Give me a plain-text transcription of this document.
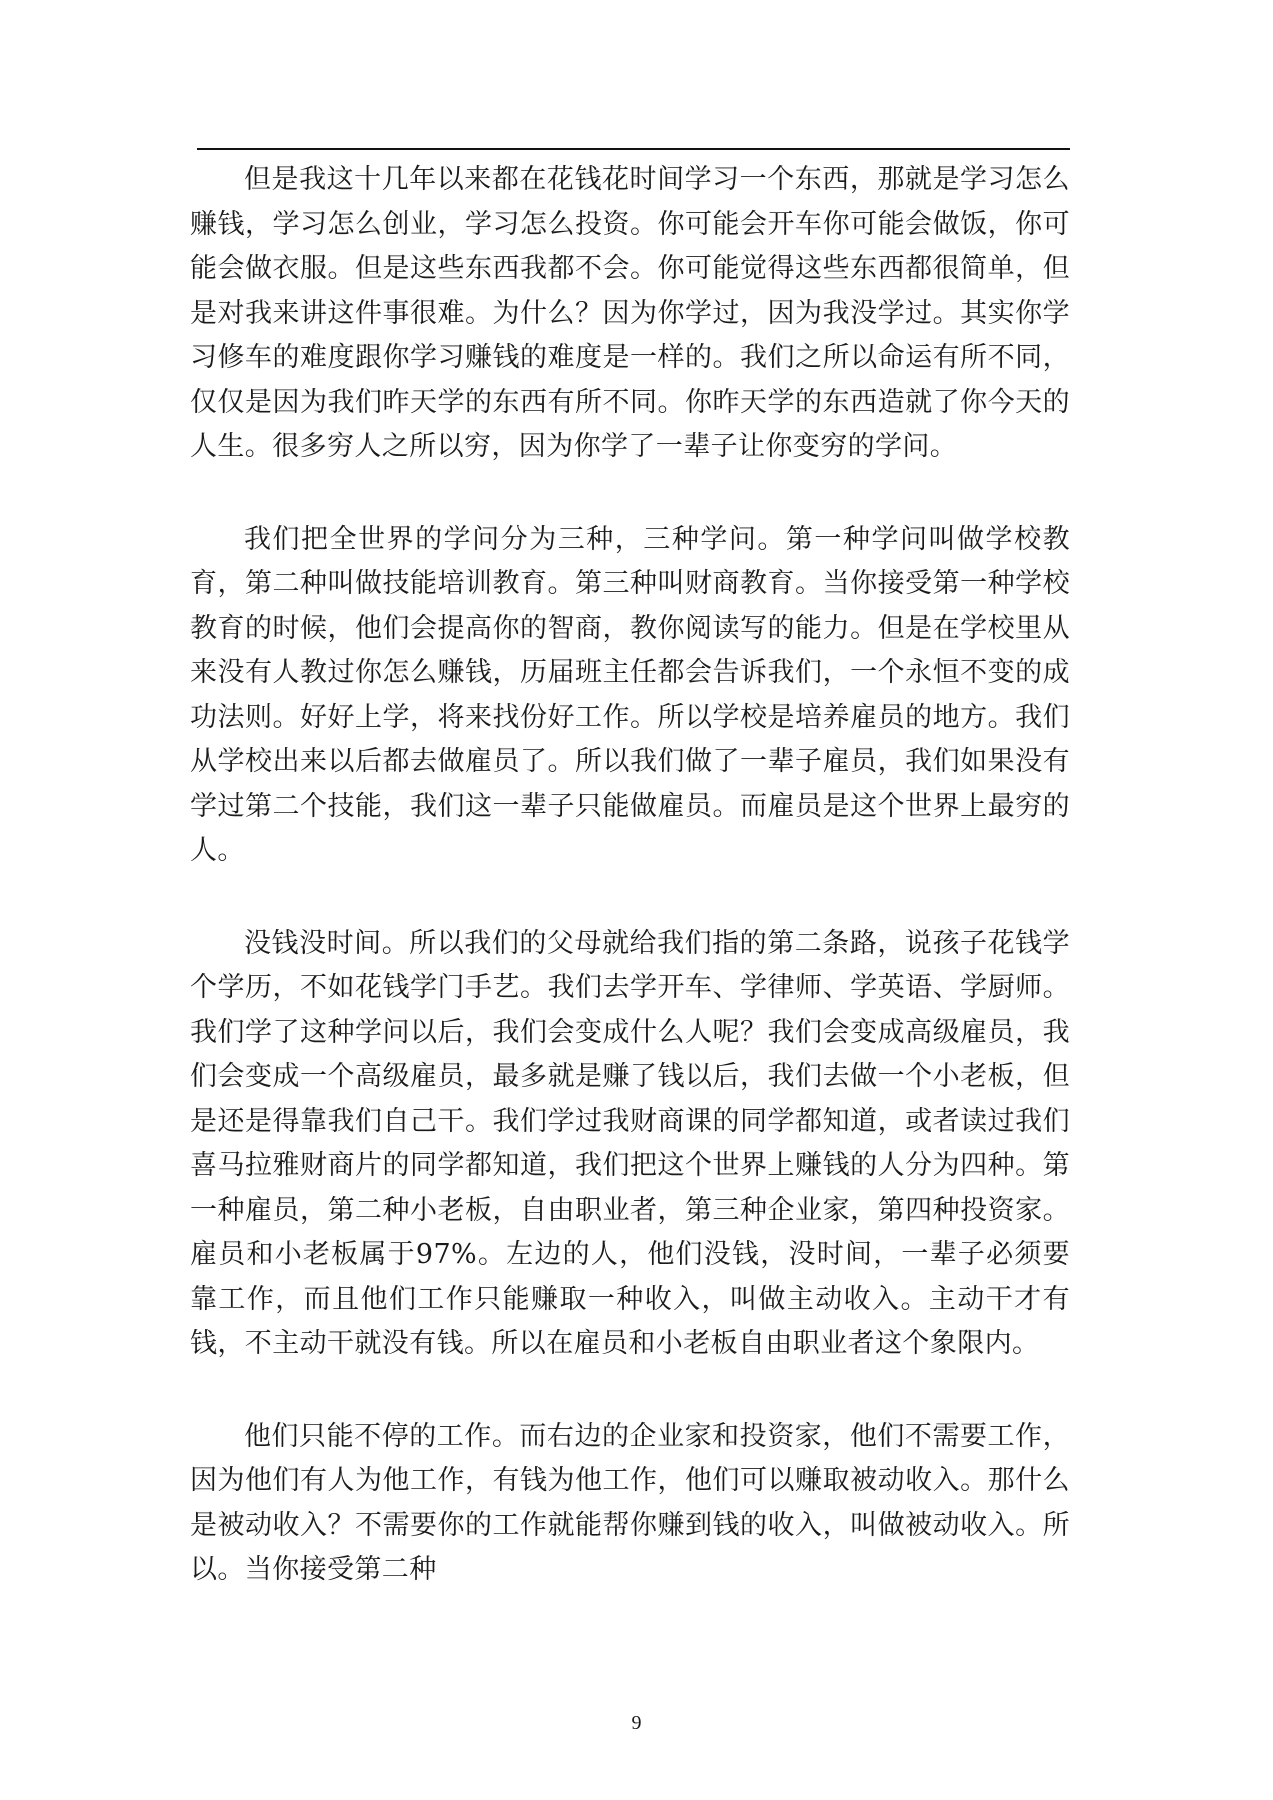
但是我这十几年以来都在花钱花时间学习一个东西，那就是学习怎么赚钱，学习怎么创业，学习怎么投资。你可能会开车你可能会做饭，你可能会做衣服。但是这些东西我都不会。你可能觉得这些东西都很简单，但是对我来讲这件事很难。为什么？因为你学过，因为我没学过。其实你学习修车的难度跟你学习赚钱的难度是一样的。我们之所以命运有所不同，仅仅是因为我们昨天学的东西有所不同。你昨天学的东西造就了你今天的人生。很多穷人之所以穷，因为你学了一辈子让你变穷的学问。

我们把全世界的学问分为三种，三种学问。第一种学问叫做学校教育，第二种叫做技能培训教育。第三种叫财商教育。当你接受第一种学校教育的时候，他们会提高你的智商，教你阅读写的能力。但是在学校里从来没有人教过你怎么赚钱，历届班主任都会告诉我们，一个永恒不变的成功法则。好好上学，将来找份好工作。所以学校是培养雇员的地方。我们从学校出来以后都去做雇员了。所以我们做了一辈子雇员，我们如果没有学过第二个技能，我们这一辈子只能做雇员。而雇员是这个世界上最穷的人。

没钱没时间。所以我们的父母就给我们指的第二条路，说孩子花钱学个学历，不如花钱学门手艺。我们去学开车、学律师、学英语、学厨师。我们学了这种学问以后，我们会变成什么人呢？我们会变成高级雇员，我们会变成一个高级雇员，最多就是赚了钱以后，我们去做一个小老板，但是还是得靠我们自己干。我们学过我财商课的同学都知道，或者读过我们喜马拉雅财商片的同学都知道，我们把这个世界上赚钱的人分为四种。第一种雇员，第二种小老板，自由职业者，第三种企业家，第四种投资家。雇员和小老板属于97%。左边的人，他们没钱，没时间，一辈子必须要靠工作，而且他们工作只能赚取一种收入，叫做主动收入。主动干才有钱，不主动干就没有钱。所以在雇员和小老板自由职业者这个象限内。

他们只能不停的工作。而右边的企业家和投资家，他们不需要工作，因为他们有人为他工作，有钱为他工作，他们可以赚取被动收入。那什么是被动收入？不需要你的工作就能帮你赚到钱的收入，叫做被动收入。所以。当你接受第二种

9
